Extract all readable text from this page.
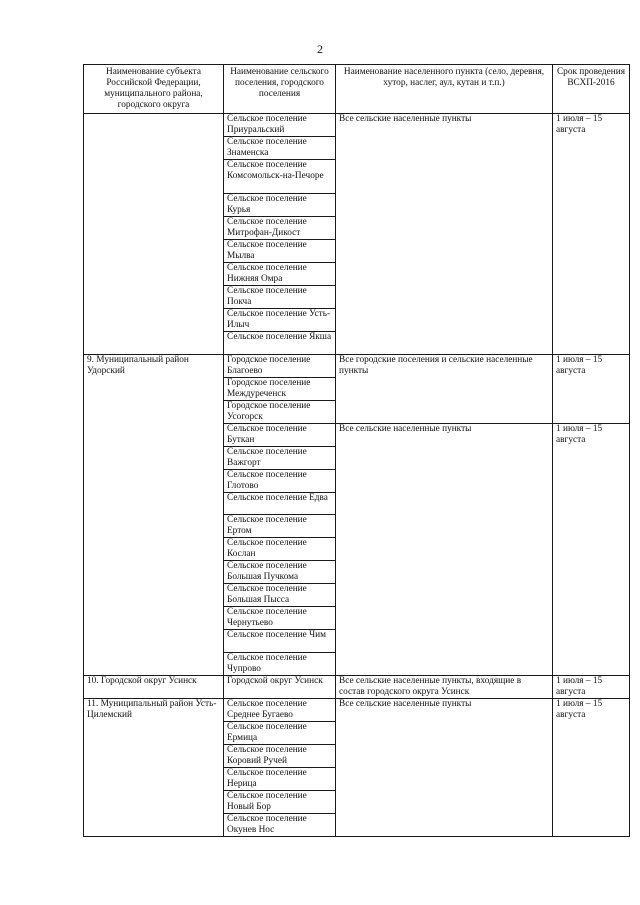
2
Наименование субъекта Российской Федерации, муниципального района, городского округа	Наименование сельского поселения, городского поселения	Наименование населенного пункта (село, деревня, хутор, наслег, аул, кутан и т.п.)	Срок проведения ВСХП-2016
	Сельское поселение Приуральский	Все сельские населенные пункты	1 июля – 15 августа
	Сельское поселение Знаменска		
	Сельское поселение Комсомольск-на-Печоре		
	Сельское поселение Курья		
	Сельское поселение Митрофан-Дикост		
	Сельское поселение Мылва		
	Сельское поселение Нижняя Омра		
	Сельское поселение Покча		
	Сельское поселение Усть-Илыч		
	Сельское поселение Якша		
9. Муниципальный район Удорский	Городское поселение Благоево	Все городские поселения и сельские населенные пункты	1 июля – 15 августа
	Городское поселение Междуреченск		
	Городское поселение Усогорск		
	Сельское поселение Буткан	Все сельские населенные пункты	1 июля – 15 августа
	Сельское поселение Важгорт		
	Сельское поселение Глотово		
	Сельское поселение Едва		
	Сельское поселение Ертом		
	Сельское поселение Кослан		
	Сельское поселение Большая Пучкома		
	Сельское поселение Большая Пысса		
	Сельское поселение Чернутьево		
	Сельское поселение Чим		
	Сельское поселение Чупрово		
10. Городской округ Усинск	Городской округ Усинск	Все сельские населенные пункты, входящие в состав городского округа Усинск	1 июля – 15 августа
11. Муниципальный район Усть-Цилемский	Сельское поселение Среднее Бугаево	Все сельские населенные пункты	1 июля – 15 августа
	Сельское поселение Ермица		
	Сельское поселение Коровий Ручей		
	Сельское поселение Нерица		
	Сельское поселение Новый Бор		
	Сельское поселение Окунев Нос		
